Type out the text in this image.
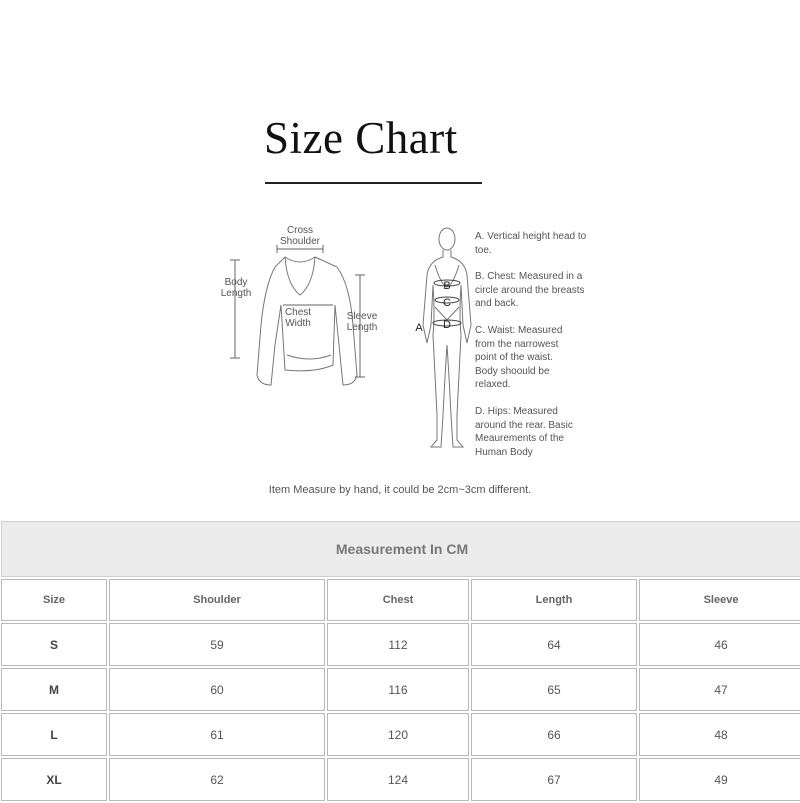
Size Chart
Cross
Shoulder
Body
Length
Chest
Width
Sleeve
Length	A
B
C
D
A. Vertical height head to toe.
B. Chest: Measured in a circle around the breasts and back.
C. Waist: Measured from the narrowest point of the waist. Body shoould be relaxed.
D. Hips: Measured around the rear. Basic Meaurements of the Human Body
Item Measure by hand, it could be 2cm~3cm different.
Measurement In CM				
Size	Shoulder	Chest	Length	Sleeve
S	59	112	64	46
M	60	116	65	47
L	61	120	66	48
XL	62	124	67	49
